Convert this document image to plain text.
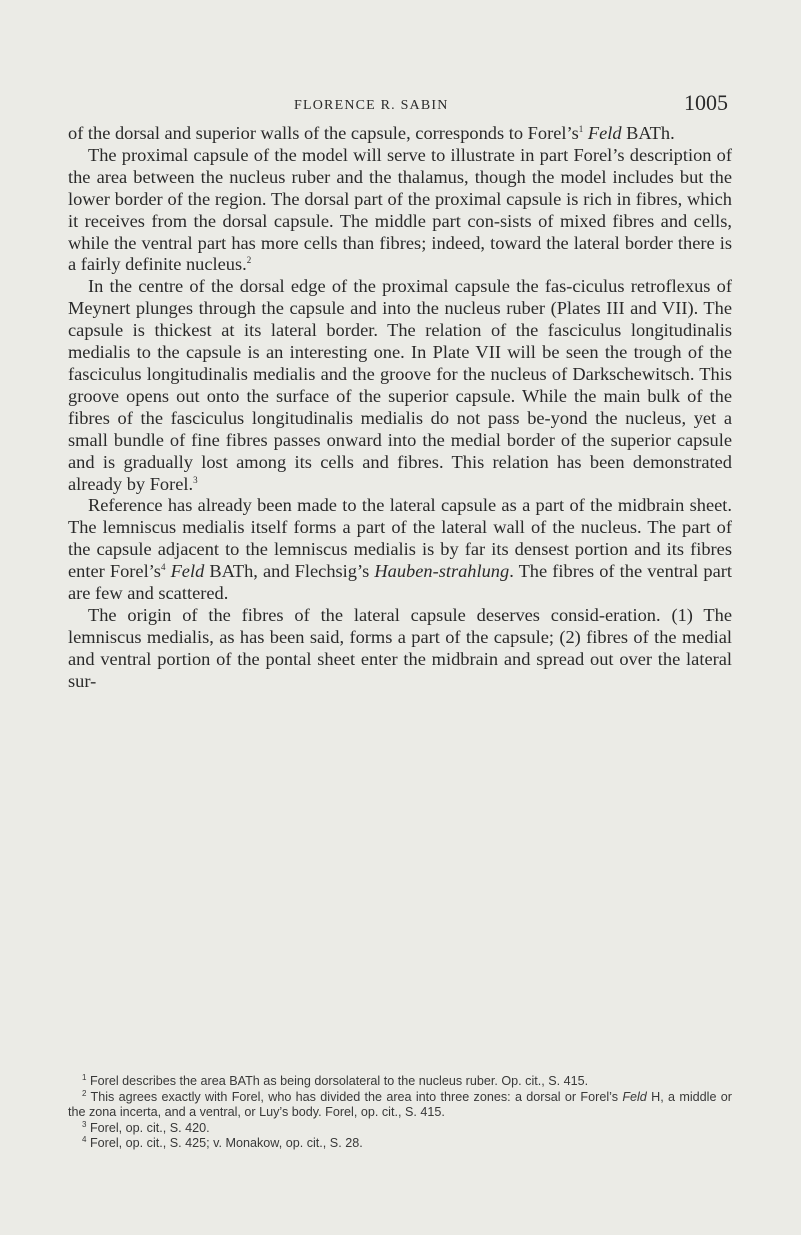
FLORENCE R. SABIN	1005

of the dorsal and superior walls of the capsule, corresponds to $Forel’s^1$ Feld BATh.

The proximal capsule of the model will serve to illustrate in part Forel’s description of the area between the nucleus ruber and the thalamus, though the model includes but the lower border of the region. The dorsal part of the proximal capsule is rich in fibres, which it receives from the dorsal capsule. The middle part con-sists of mixed fibres and cells, while the ventral part has more cells than fibres; indeed, toward the lateral border there is a fairly definite nucleus.$^2$

In the centre of the dorsal edge of the proximal capsule the fas-ciculus retroflexus of Meynert plunges through the capsule and into the nucleus ruber (Plates III and VII). The capsule is thickest at its lateral border. The relation of the fasciculus longitudinalis medialis to the capsule is an interesting one. In Plate VII will be seen the trough of the fasciculus longitudinalis medialis and the groove for the nucleus of Darkschewitsch. This groove opens out onto the surface of the superior capsule. While the main bulk of the fibres of the fasciculus longitudinalis medialis do not pass be-yond the nucleus, yet a small bundle of fine fibres passes onward into the medial border of the superior capsule and is gradually lost among its cells and fibres. This relation has been demonstrated already by Forel.$^3$

Reference has already been made to the lateral capsule as a part of the midbrain sheet. The lemniscus medialis itself forms a part of the lateral wall of the nucleus. The part of the capsule adjacent to the lemniscus medialis is by far its densest portion and its fibres enter $Forel’s^4$ Feld BATh, and Flechsig’s Hauben-strahlung. The fibres of the ventral part are few and scattered.

The origin of the fibres of the lateral capsule deserves consid-eration. (1) The lemniscus medialis, as has been said, forms a part of the capsule; (2) fibres of the medial and ventral portion of the pontal sheet enter the midbrain and spread out over the lateral sur-

$^1$ Forel describes the area BATh as being dorsolateral to the nucleus ruber. Op. cit., S. 415.

$^2$ This agrees exactly with Forel, who has divided the area into three zones: a dorsal or Forel’s Feld H, a middle or the zona incerta, and a ventral, or Luy’s body. Forel, op. cit., S. 415.

$^3$ Forel, op. cit., S. 420.

$^4$ Forel, op. cit., S. 425; v. Monakow, op. cit., S. 28.
